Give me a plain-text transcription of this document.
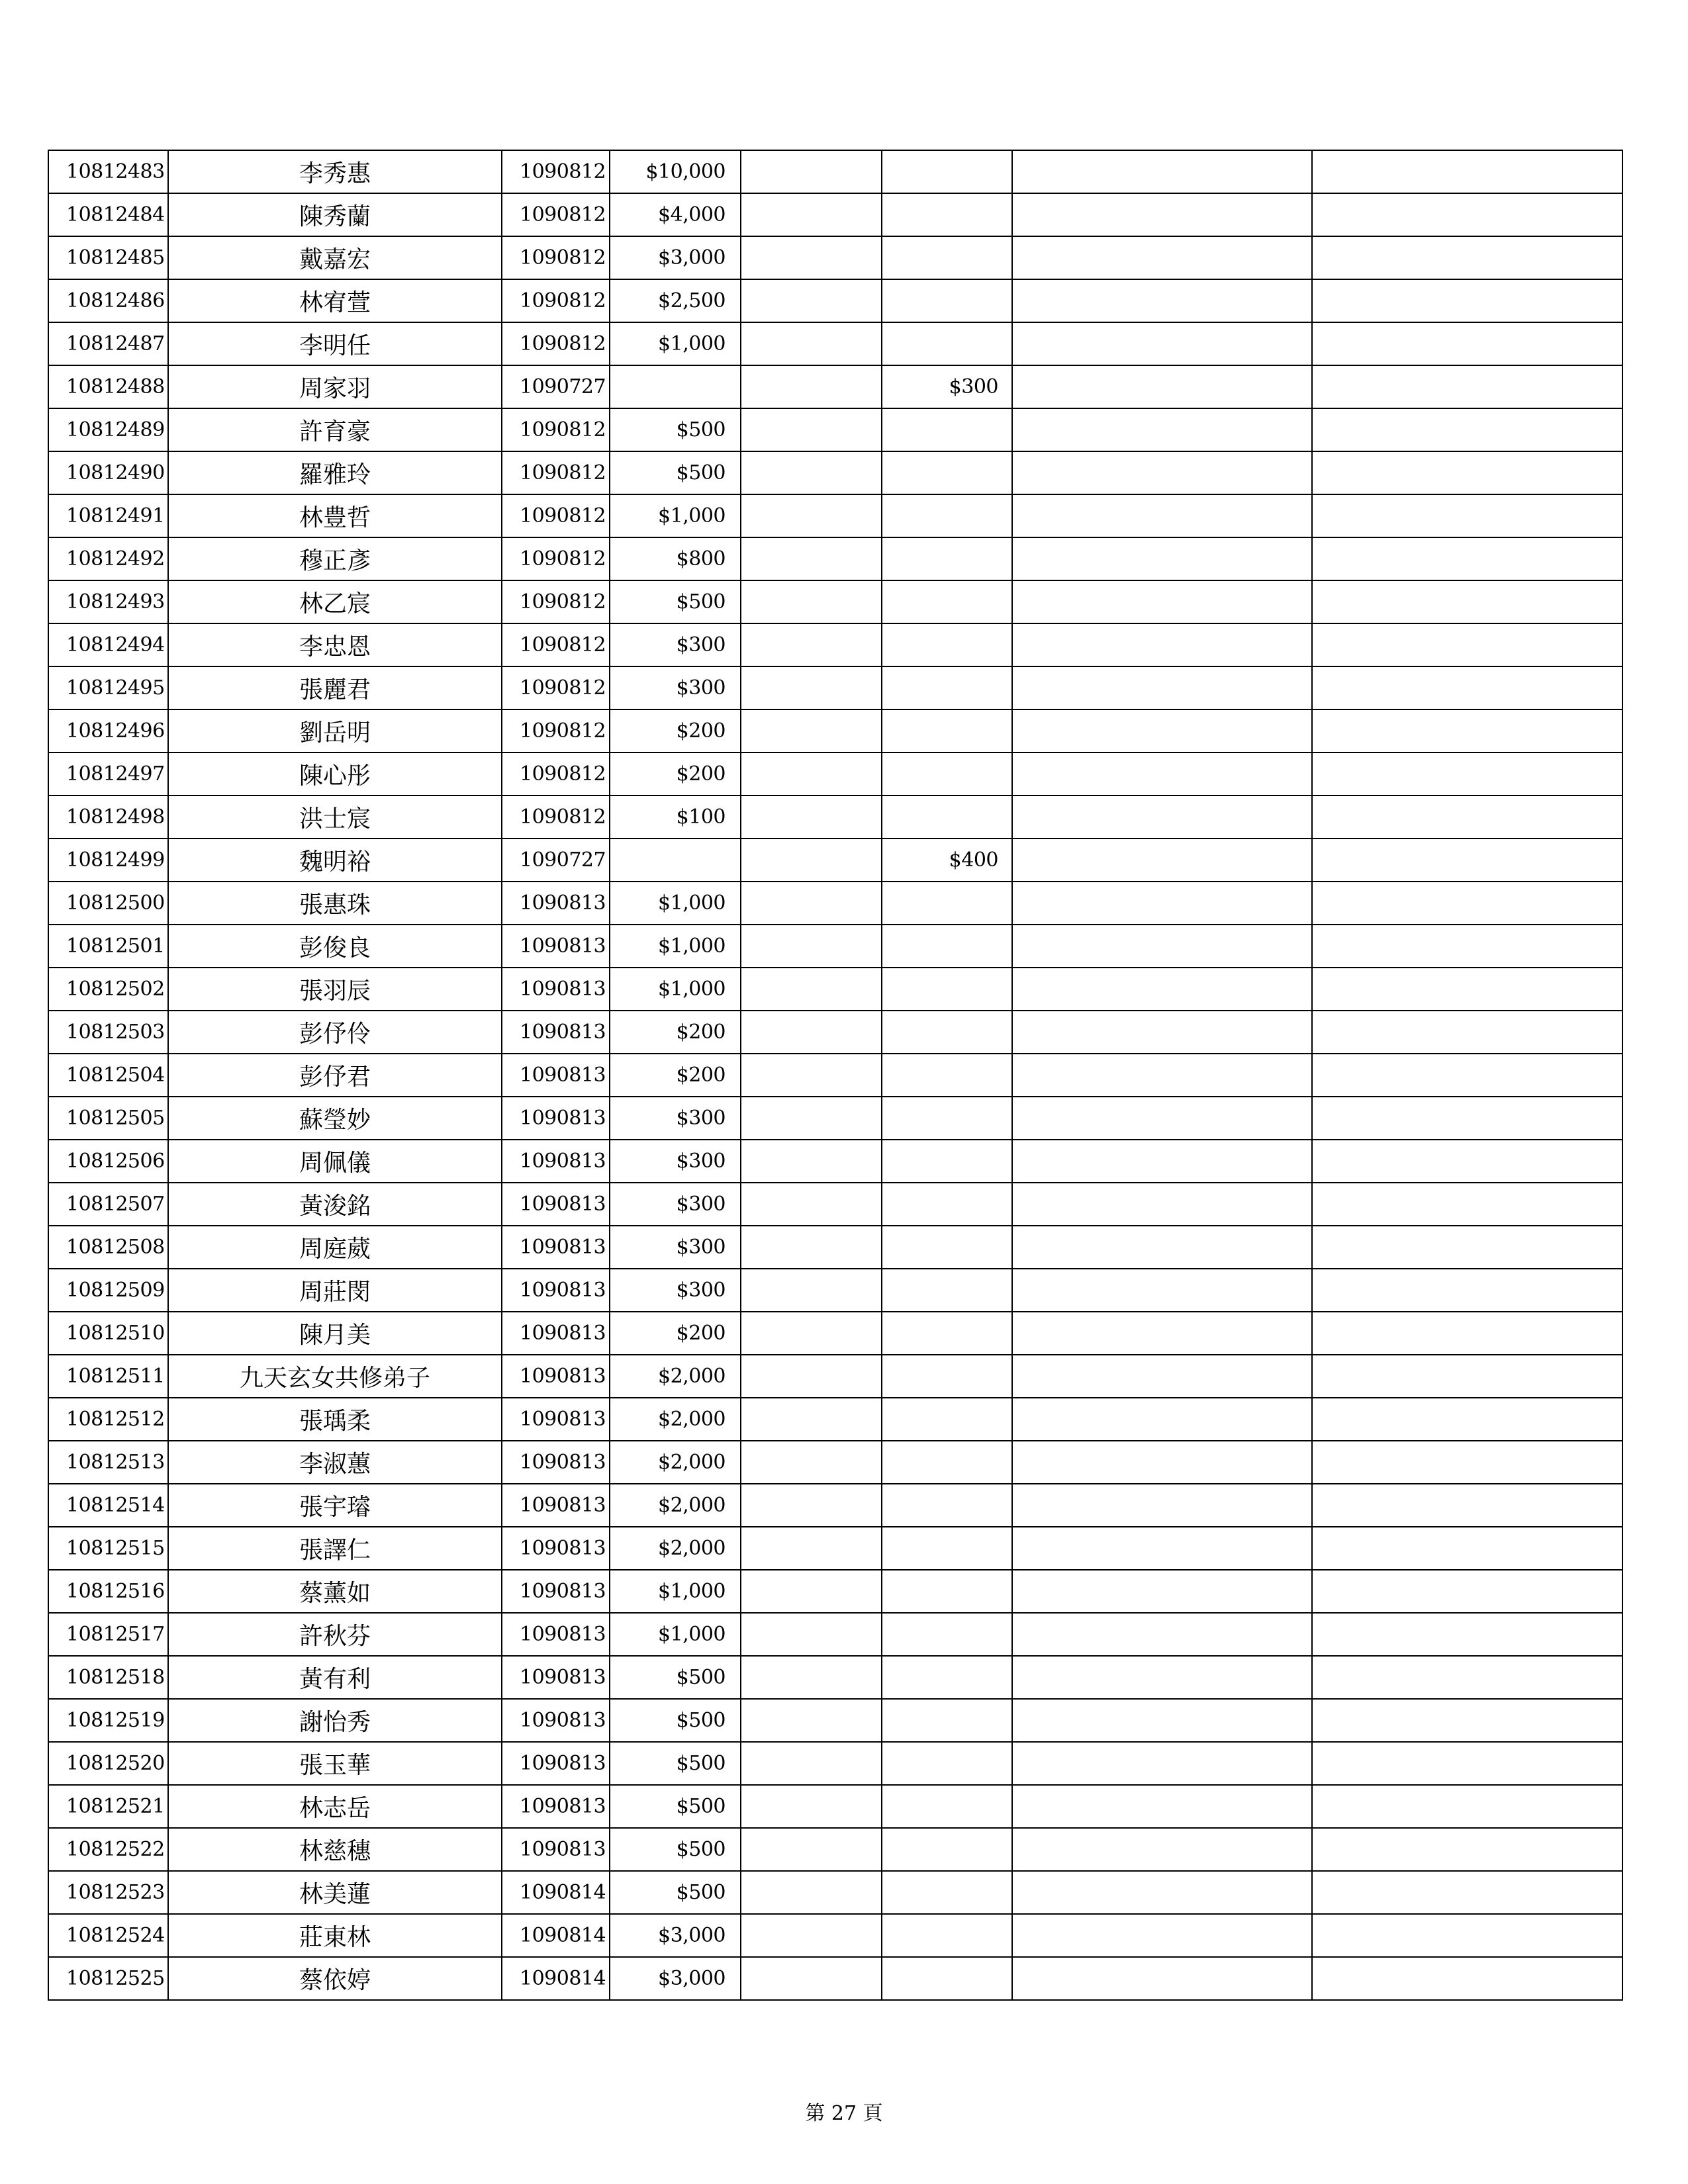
10812483	李秀惠	1090812	$10,000				
10812484	陳秀蘭	1090812	$4,000				
10812485	戴嘉宏	1090812	$3,000				
10812486	林宥萱	1090812	$2,500				
10812487	李明任	1090812	$1,000				
10812488	周家羽	1090727			$300		
10812489	許育豪	1090812	$500				
10812490	羅雅玲	1090812	$500				
10812491	林豊哲	1090812	$1,000				
10812492	穆正彥	1090812	$800				
10812493	林乙宸	1090812	$500				
10812494	李忠恩	1090812	$300				
10812495	張麗君	1090812	$300				
10812496	劉岳明	1090812	$200				
10812497	陳心彤	1090812	$200				
10812498	洪士宸	1090812	$100				
10812499	魏明裕	1090727			$400		
10812500	張惠珠	1090813	$1,000				
10812501	彭俊良	1090813	$1,000				
10812502	張羽辰	1090813	$1,000				
10812503	彭伃伶	1090813	$200				
10812504	彭伃君	1090813	$200				
10812505	蘇瑩妙	1090813	$300				
10812506	周佩儀	1090813	$300				
10812507	黃浚銘	1090813	$300				
10812508	周庭葳	1090813	$300				
10812509	周莊閔	1090813	$300				
10812510	陳月美	1090813	$200				
10812511	九天玄女共修弟子	1090813	$2,000				
10812512	張瑀柔	1090813	$2,000				
10812513	李淑蕙	1090813	$2,000				
10812514	張宇璿	1090813	$2,000				
10812515	張譯仁	1090813	$2,000				
10812516	蔡薰如	1090813	$1,000				
10812517	許秋芬	1090813	$1,000				
10812518	黃有利	1090813	$500				
10812519	謝怡秀	1090813	$500				
10812520	張玉華	1090813	$500				
10812521	林志岳	1090813	$500				
10812522	林慈穗	1090813	$500				
10812523	林美蓮	1090814	$500				
10812524	莊東林	1090814	$3,000				
10812525	蔡依婷	1090814	$3,000				
第 27 頁
